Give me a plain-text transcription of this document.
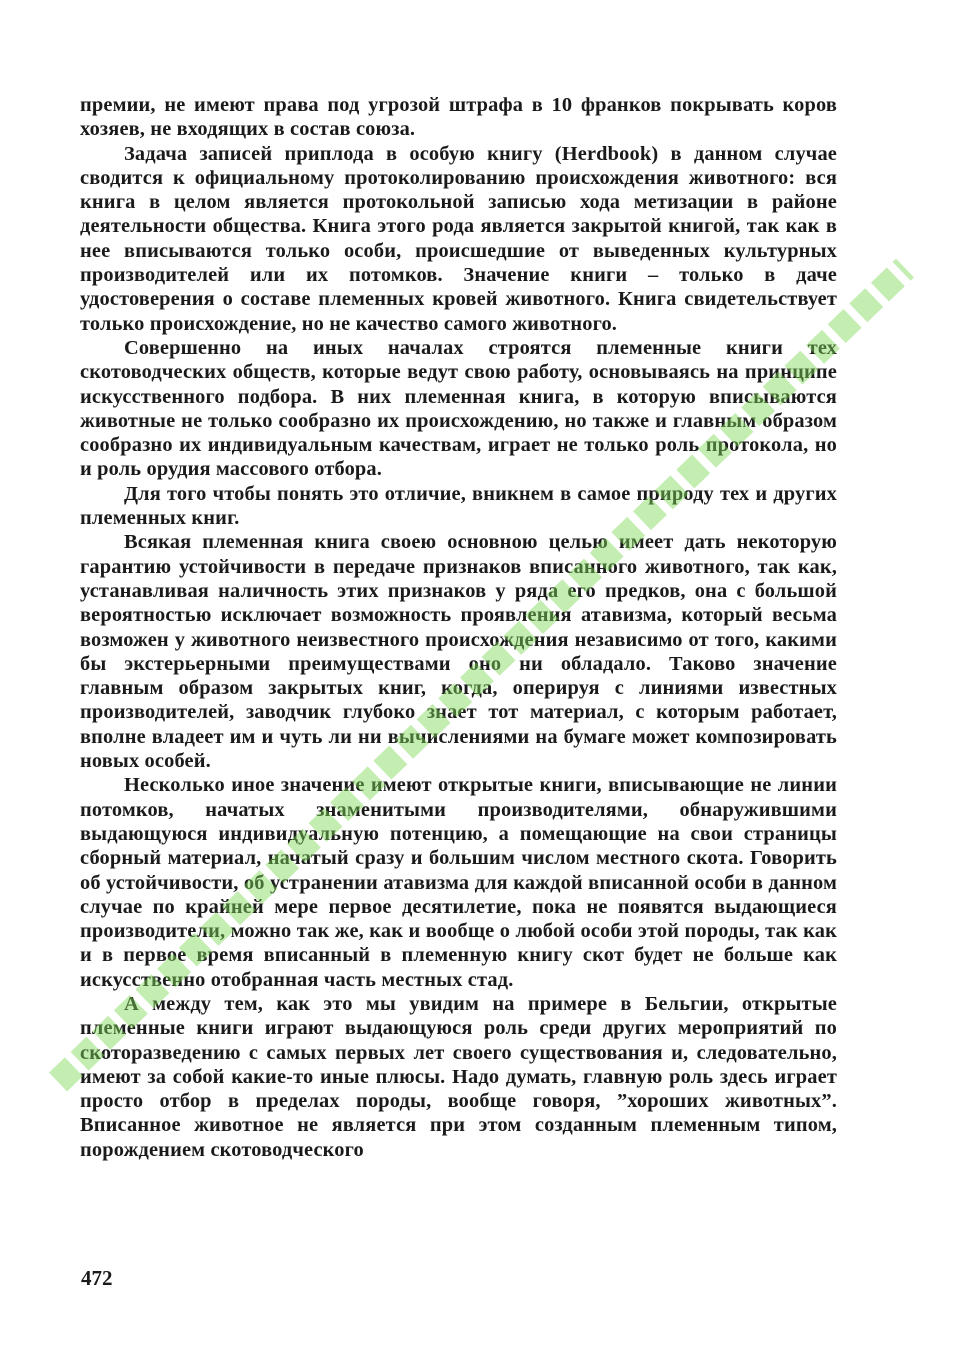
премии, не имеют права под угрозой штрафа в 10 франков покрывать коров хозяев, не входящих в состав союза.

Задача записей приплода в особую книгу (Herdbook) в данном случае сводится к официальному протоколированию происхождения животного: вся книга в целом является протокольной записью хода метизации в районе деятельности общества. Книга этого рода является закрытой книгой, так как в нее вписываются только особи, происшедшие от выведенных культурных производителей или их потомков. Значение книги – только в даче удостоверения о составе племенных кровей животного. Книга свидетельствует только происхождение, но не качество самого животного.

Совершенно на иных началах строятся племенные книги тех скотоводческих обществ, которые ведут свою работу, основываясь на принципе искусственного подбора. В них племенная книга, в которую вписываются животные не только сообразно их происхождению, но также и главным образом сообразно их индивидуальным качествам, играет не только роль протокола, но и роль орудия массового отбора.

Для того чтобы понять это отличие, вникнем в самое природу тех и других племенных книг.

Всякая племенная книга своею основною целью имеет дать некоторую гарантию устойчивости в передаче признаков вписанного животного, так как, устанавливая наличность этих признаков у ряда его предков, она с большой вероятностью исключает возможность проявления атавизма, который весьма возможен у животного неизвестного происхождения независимо от того, какими бы экстерьерными преимуществами оно ни обладало. Таково значение главным образом закрытых книг, когда, оперируя с линиями известных производителей, заводчик глубоко знает тот материал, с которым работает, вполне владеет им и чуть ли ни вычислениями на бумаге может композировать новых особей.

Несколько иное значение имеют открытые книги, вписывающие не линии потомков, начатых знаменитыми производителями, обнаружившими выдающуюся индивидуальную потенцию, а помещающие на свои страницы сборный материал, начатый сразу и большим числом местного скота. Говорить об устойчивости, об устранении атавизма для каждой вписанной особи в данном случае по крайней мере первое десятилетие, пока не появятся выдающиеся производители, можно так же, как и вообще о любой особи этой породы, так как и в первое время вписанный в племенную книгу скот будет не больше как искусственно отобранная часть местных стад.

А между тем, как это мы увидим на примере в Бельгии, открытые племенные книги играют выдающуюся роль среди других мероприятий по скоторазведению с самых первых лет своего существования и, следовательно, имеют за собой какие-то иные плюсы. Надо думать, главную роль здесь играет просто отбор в пределах породы, вообще говоря, ”хороших животных”. Вписанное животное не является при этом созданным племенным типом, порождением скотоводческого

472
